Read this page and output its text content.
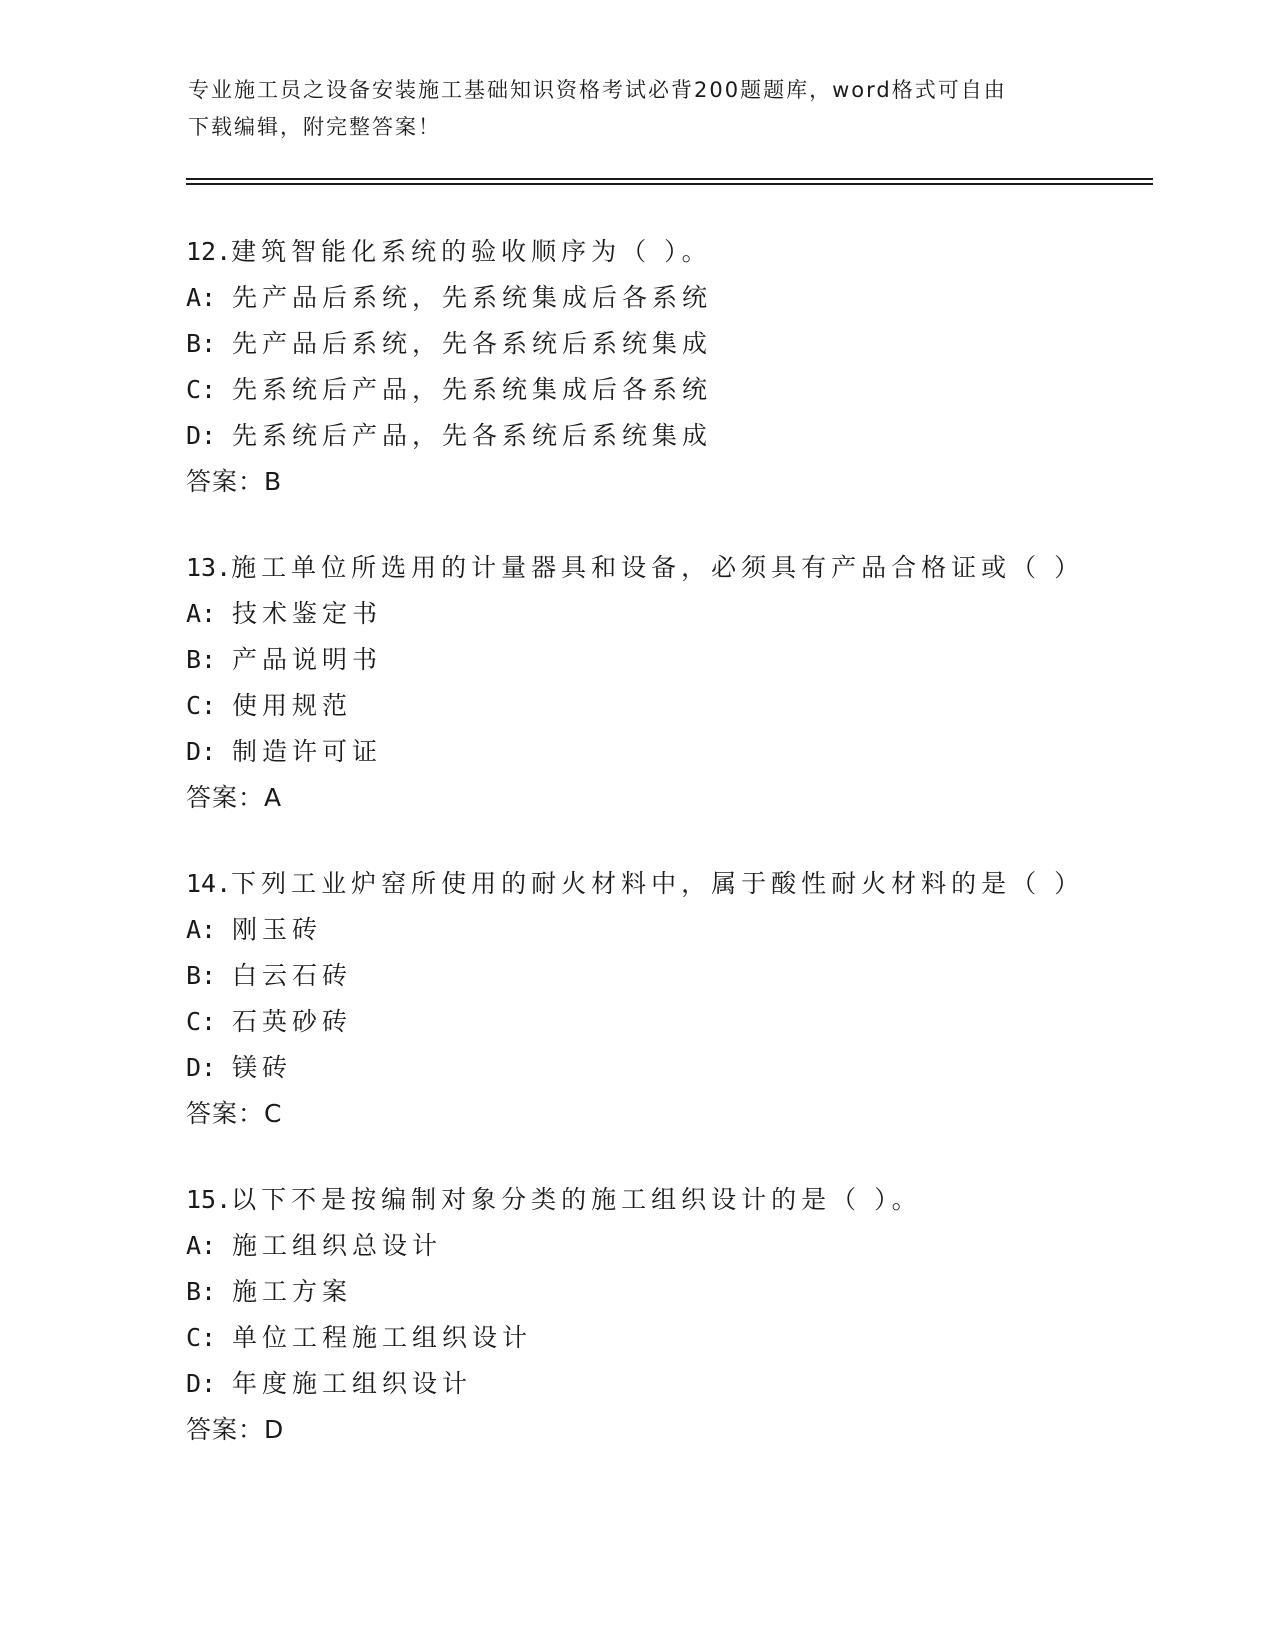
专业施工员之设备安装施工基础知识资格考试必背200题题库，word格式可自由
下载编辑，附完整答案！
12.建筑智能化系统的验收顺序为（ ）。
A: 先产品后系统，先系统集成后各系统
B: 先产品后系统，先各系统后系统集成
C: 先系统后产品，先系统集成后各系统
D: 先系统后产品，先各系统后系统集成
答案：B
13.施工单位所选用的计量器具和设备，必须具有产品合格证或（ ）
A: 技术鉴定书
B: 产品说明书
C: 使用规范
D: 制造许可证
答案：A
14.下列工业炉窑所使用的耐火材料中，属于酸性耐火材料的是（ ）
A: 刚玉砖
B: 白云石砖
C: 石英砂砖
D: 镁砖
答案：C
15.以下不是按编制对象分类的施工组织设计的是（ ）。
A: 施工组织总设计
B: 施工方案
C: 单位工程施工组织设计
D: 年度施工组织设计
答案：D
